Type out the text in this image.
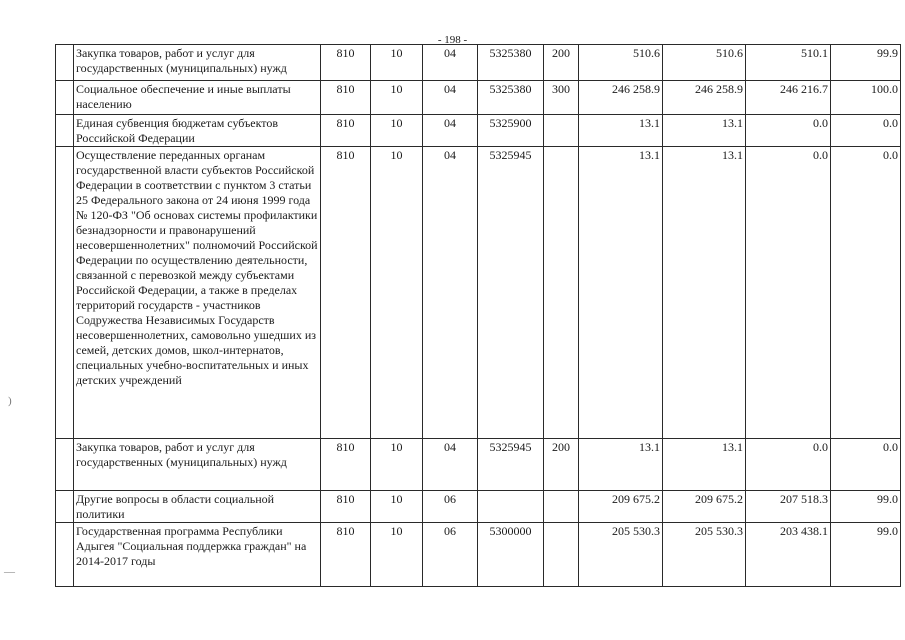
- 198 -
	Закупка товаров, работ и услуг для государственных (муниципальных) нужд	810	10	04	5325380	200	510.6	510.6	510.1	99.9
	Социальное обеспечение и иные выплаты населению	810	10	04	5325380	300	246 258.9	246 258.9	246 216.7	100.0
	Единая субвенция бюджетам субъектов Российской Федерации	810	10	04	5325900		13.1	13.1	0.0	0.0
	Осуществление переданных органам государственной власти субъектов Российской Федерации в соответствии с пунктом 3 статьи 25 Федерального закона от 24 июня 1999 года № 120-ФЗ "Об основах системы профилактики безнадзорности и правонарушений несовершеннолетних" полномочий Российской Федерации по осуществлению деятельности, связанной с перевозкой между субъектами Российской Федерации, а также в пределах территорий государств - участников Содружества Независимых Государств несовершеннолетних, самовольно ушедших из семей, детских домов, школ-интернатов, специальных учебно-воспитательных и иных детских учреждений	810	10	04	5325945		13.1	13.1	0.0	0.0
	Закупка товаров, работ и услуг для государственных (муниципальных) нужд	810	10	04	5325945	200	13.1	13.1	0.0	0.0
	Другие вопросы в области социальной политики	810	10	06			209 675.2	209 675.2	207 518.3	99.0
	Государственная программа Республики Адыгея "Социальная поддержка граждан" на 2014-2017 годы	810	10	06	5300000		205 530.3	205 530.3	203 438.1	99.0
)
—
